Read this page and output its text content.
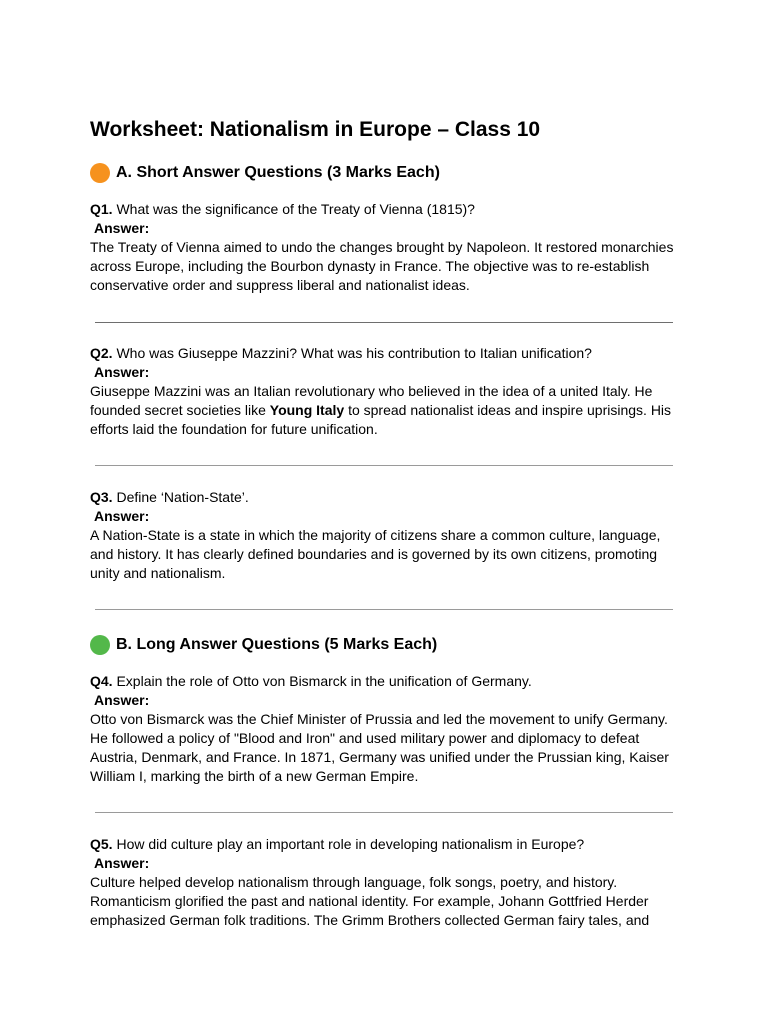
Worksheet: Nationalism in Europe – Class 10
A. Short Answer Questions (3 Marks Each)

Q1. What was the significance of the Treaty of Vienna (1815)?

Answer:

The Treaty of Vienna aimed to undo the changes brought by Napoleon. It restored monarchies across Europe, including the Bourbon dynasty in France. The objective was to re-establish conservative order and suppress liberal and nationalist ideas.

Q2. Who was Giuseppe Mazzini? What was his contribution to Italian unification?

Answer:

Giuseppe Mazzini was an Italian revolutionary who believed in the idea of a united Italy. He founded secret societies like Young Italy to spread nationalist ideas and inspire uprisings. His efforts laid the foundation for future unification.

Q3. Define ‘Nation-State’.

Answer:

A Nation-State is a state in which the majority of citizens share a common culture, language, and history. It has clearly defined boundaries and is governed by its own citizens, promoting unity and nationalism.

B. Long Answer Questions (5 Marks Each)

Q4. Explain the role of Otto von Bismarck in the unification of Germany.

Answer:

Otto von Bismarck was the Chief Minister of Prussia and led the movement to unify Germany. He followed a policy of "Blood and Iron" and used military power and diplomacy to defeat Austria, Denmark, and France. In 1871, Germany was unified under the Prussian king, Kaiser William I, marking the birth of a new German Empire.

Q5. How did culture play an important role in developing nationalism in Europe?

Answer:

Culture helped develop nationalism through language, folk songs, poetry, and history. Romanticism glorified the past and national identity. For example, Johann Gottfried Herder emphasized German folk traditions. The Grimm Brothers collected German fairy tales, and
